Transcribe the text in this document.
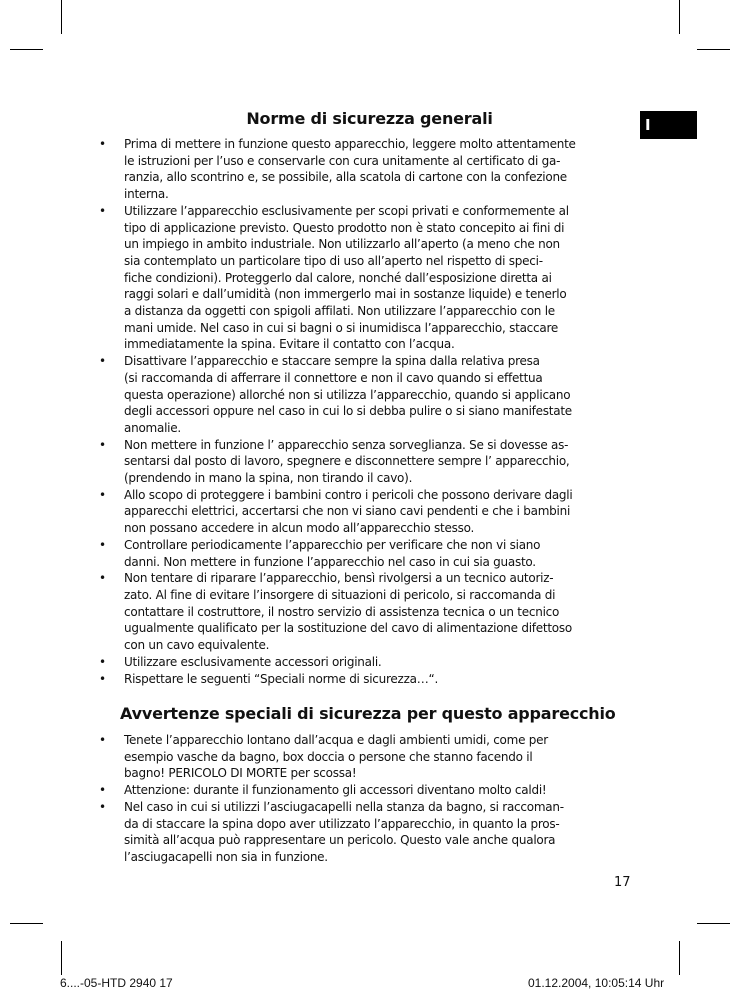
I
Norme di sicurezza generali
• Prima di mettere in funzione questo apparecchio, leggere molto attentamente
le istruzioni per l’uso e conservarle con cura unitamente al certificato di ga-
ranzia, allo scontrino e, se possibile, alla scatola di cartone con la confezione
interna.
• Utilizzare l’apparecchio esclusivamente per scopi privati e conformemente al
tipo di applicazione previsto. Questo prodotto non è stato concepito ai fini di
un impiego in ambito industriale. Non utilizzarlo all’aperto (a meno che non
sia contemplato un particolare tipo di uso all’aperto nel rispetto di speci-
fiche condizioni). Proteggerlo dal calore, nonché dall’esposizione diretta ai
raggi solari e dall’umidità (non immergerlo mai in sostanze liquide) e tenerlo
a distanza da oggetti con spigoli affilati. Non utilizzare l’apparecchio con le
mani umide. Nel caso in cui si bagni o si inumidisca l’apparecchio, staccare
immediatamente la spina. Evitare il contatto con l’acqua.
• Disattivare l’apparecchio e staccare sempre la spina dalla relativa presa
(si raccomanda di afferrare il connettore e non il cavo quando si effettua
questa operazione) allorché non si utilizza l’apparecchio, quando si applicano
degli accessori oppure nel caso in cui lo si debba pulire o si siano manifestate
anomalie.
• Non mettere in funzione l’ apparecchio senza sorveglianza. Se si dovesse as-
sentarsi dal posto di lavoro, spegnere e disconnettere sempre l’ apparecchio,
(prendendo in mano la spina, non tirando il cavo).
• Allo scopo di proteggere i bambini contro i pericoli che possono derivare dagli
apparecchi elettrici, accertarsi che non vi siano cavi pendenti e che i bambini
non possano accedere in alcun modo all’apparecchio stesso.
• Controllare periodicamente l’apparecchio per verificare che non vi siano
danni. Non mettere in funzione l’apparecchio nel caso in cui sia guasto.
• Non tentare di riparare l’apparecchio, bensì rivolgersi a un tecnico autoriz-
zato. Al fine di evitare l’insorgere di situazioni di pericolo, si raccomanda di
contattare il costruttore, il nostro servizio di assistenza tecnica o un tecnico
ugualmente qualificato per la sostituzione del cavo di alimentazione difettoso
con un cavo equivalente.
• Utilizzare esclusivamente accessori originali.
• Rispettare le seguenti “Speciali norme di sicurezza…“.
Avvertenze speciali di sicurezza per questo apparecchio
• Tenete l’apparecchio lontano dall’acqua e dagli ambienti umidi, come per
esempio vasche da bagno, box doccia o persone che stanno facendo il
bagno! PERICOLO DI MORTE per scossa!
• Attenzione: durante il funzionamento gli accessori diventano molto caldi!
• Nel caso in cui si utilizzi l’asciugacapelli nella stanza da bagno, si raccoman-
da di staccare la spina dopo aver utilizzato l’apparecchio, in quanto la pros-
simità all’acqua può rappresentare un pericolo. Questo vale anche qualora
l’asciugacapelli non sia in funzione.
17
6....-05-HTD 2940 17	01.12.2004, 10:05:14 Uhr
